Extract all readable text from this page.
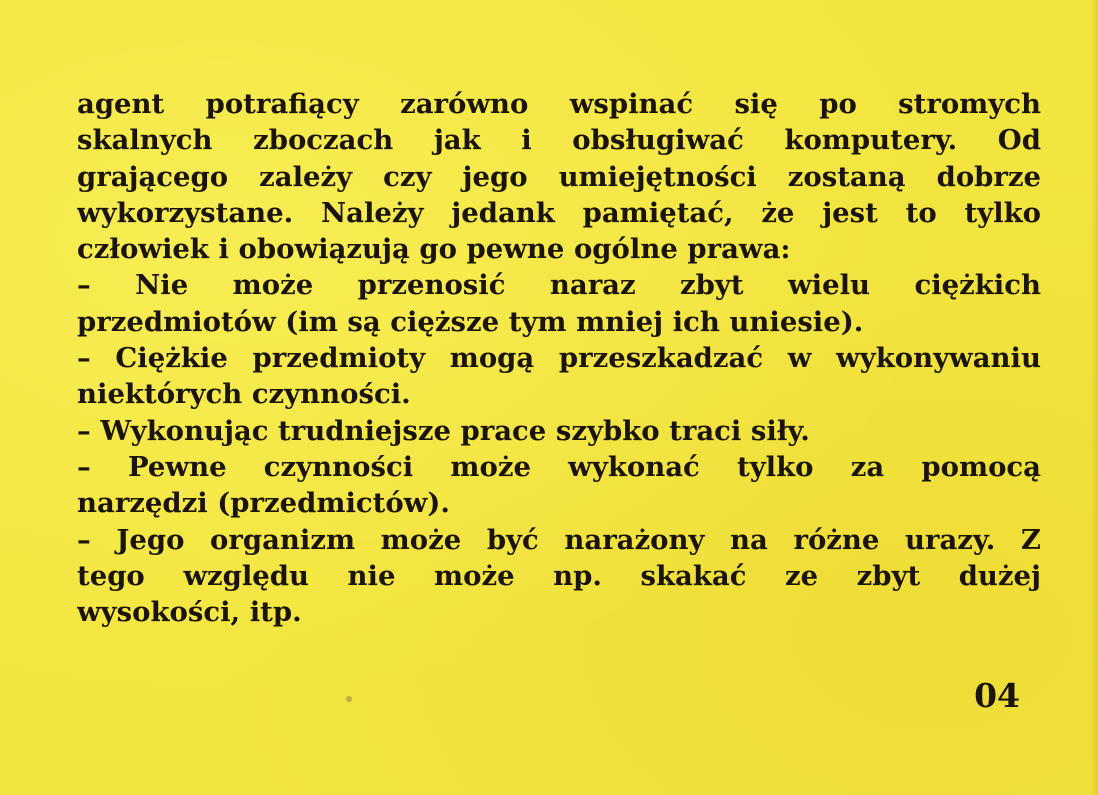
agent potrafiący zarówno wspinać się po stromych
skalnych zboczach jak i obsługiwać komputery. Od
grającego zależy czy jego umiejętności zostaną dobrze
wykorzystane. Należy jedank pamiętać, że jest to tylko
człowiek i obowiązują go pewne ogólne prawa:
– Nie może przenosić naraz zbyt wielu ciężkich
przedmiotów (im są cięższe tym mniej ich uniesie).
– Ciężkie przedmioty mogą przeszkadzać w wykonywaniu
niektórych czynności.
– Wykonując trudniejsze prace szybko traci siły.
– Pewne czynności może wykonać tylko za pomocą
narzędzi (przedmictów).
– Jego organizm może być narażony na różne urazy. Z
tego względu nie może np. skakać ze zbyt dużej
wysokości, itp.
04
